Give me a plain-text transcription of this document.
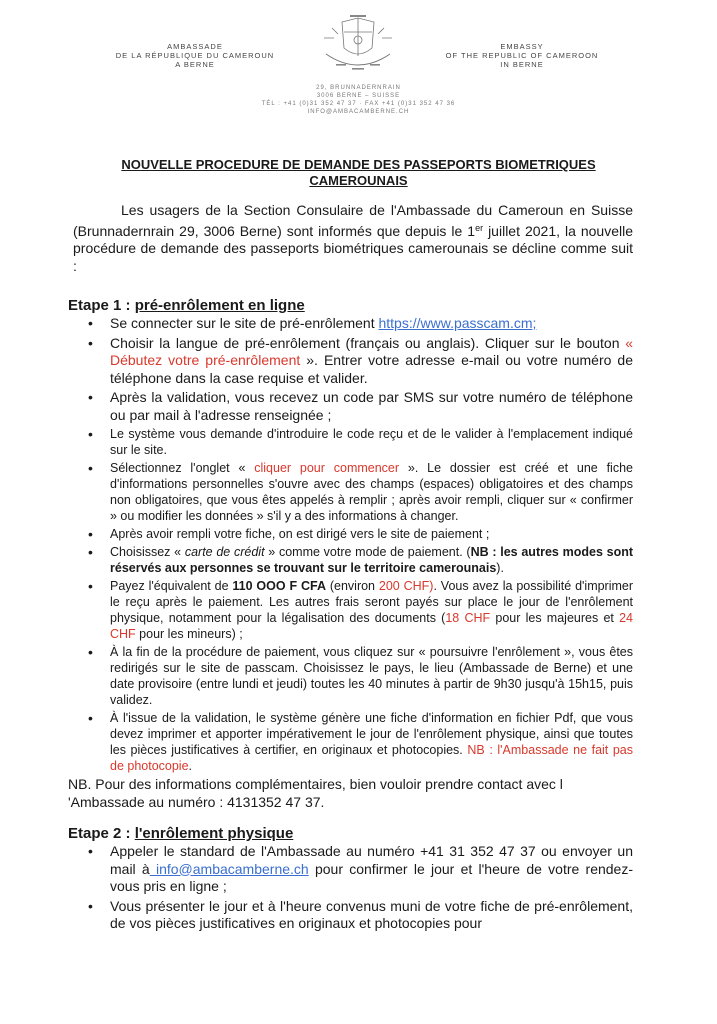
AMBASSADE
DE LA RÉPUBLIQUE DU CAMEROUN
A BERNE
EMBASSY
OF THE REPUBLIC OF CAMEROON
IN BERNE
29, BRUNNADERNRAIN
3006 BERNE – SUISSE
TÉL : +41 (0)31 352 47 37 · FAX +41 (0)31 352 47 36
INFO@AMBACAMBERNE.CH
NOUVELLE PROCEDURE DE DEMANDE DES PASSEPORTS BIOMETRIQUES
CAMEROUNAIS

Les usagers de la Section Consulaire de l'Ambassade du Cameroun en Suisse (Brunnadernrain 29, 3006 Berne) sont informés que depuis le 1er juillet 2021, la nouvelle procédure de demande des passeports biométriques camerounais se décline comme suit :

Etape 1 : pré-enrôlement en ligne
• Se connecter sur le site de pré-enrôlement https://www.passcam.cm;
• Choisir la langue de pré-enrôlement (français ou anglais). Cliquer sur le bouton « Débutez votre pré-enrôlement ». Entrer votre adresse e-mail ou votre numéro de téléphone dans la case requise et valider.
• Après la validation, vous recevez un code par SMS sur votre numéro de téléphone ou par mail à l'adresse renseignée ;
• Le système vous demande d'introduire le code reçu et de le valider à l'emplacement indiqué sur le site.
• Sélectionnez l'onglet « cliquer pour commencer ». Le dossier est créé et une fiche d'informations personnelles s'ouvre avec des champs (espaces) obligatoires et des champs non obligatoires, que vous êtes appelés à remplir ; après avoir rempli, cliquer sur « confirmer » ou modifier les données » s'il y a des informations à changer.
• Après avoir rempli votre fiche, on est dirigé vers le site de paiement ;
• Choisissez « carte de crédit » comme votre mode de paiement. (NB : les autres modes sont réservés aux personnes se trouvant sur le territoire camerounais).
• Payez l'équivalent de 110 OOO F CFA (environ 200 CHF). Vous avez la possibilité d'imprimer le reçu après le paiement. Les autres frais seront payés sur place le jour de l'enrôlement physique, notamment pour la légalisation des documents (18 CHF pour les majeures et 24 CHF pour les mineurs) ;
• À la fin de la procédure de paiement, vous cliquez sur « poursuivre l'enrôlement », vous êtes redirigés sur le site de passcam. Choisissez le pays, le lieu (Ambassade de Berne) et une date provisoire (entre lundi et jeudi) toutes les 40 minutes à partir de 9h30 jusqu'à 15h15, puis validez.
• À l'issue de la validation, le système génère une fiche d'information en fichier Pdf, que vous devez imprimer et apporter impérativement le jour de l'enrôlement physique, ainsi que toutes les pièces justificatives à certifier, en originaux et photocopies. NB : l'Ambassade ne fait pas de photocopie.

NB. Pour des informations complémentaires, bien vouloir prendre contact avec l 'Ambassade au numéro : 4131352 47 37.

Etape 2 : l'enrôlement physique
• Appeler le standard de l'Ambassade au numéro +41 31 352 47 37 ou envoyer un mail à info@ambacamberne.ch pour confirmer le jour et l'heure de votre rendez-vous pris en ligne ;
• Vous présenter le jour et à l'heure convenus muni de votre fiche de pré-enrôlement, de vos pièces justificatives en originaux et photocopies pour
